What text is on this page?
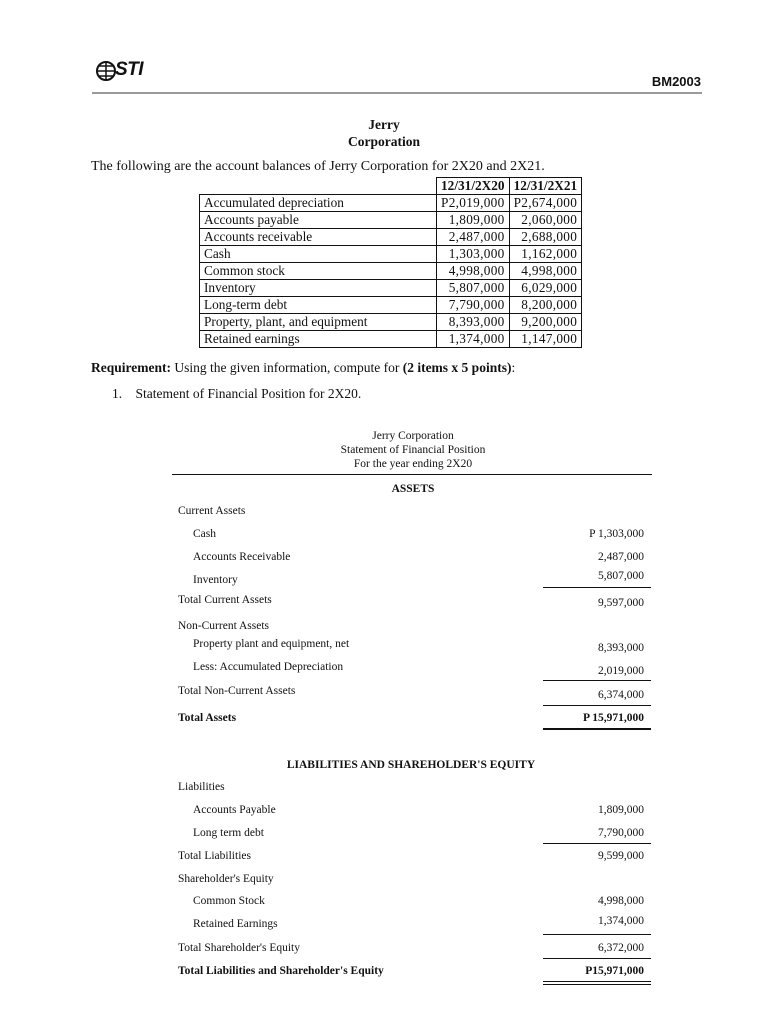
STI
BM2003
Jerry
Corporation
The following are the account balances of Jerry Corporation for 2X20 and 2X21.
	12/31/2X20	12/31/2X21
Accumulated depreciation	P2,019,000	P2,674,000
Accounts payable	1,809,000	2,060,000
Accounts receivable	2,487,000	2,688,000
Cash	1,303,000	1,162,000
Common stock	4,998,000	4,998,000
Inventory	5,807,000	6,029,000
Long-term debt	7,790,000	8,200,000
Property, plant, and equipment	8,393,000	9,200,000
Retained earnings	1,374,000	1,147,000
Requirement: Using the given information, compute for (2 items x 5 points):
1. Statement of Financial Position for 2X20.
Jerry Corporation
Statement of Financial Position
For the year ending 2X20
ASSETS
Current Assets
Cash	P 1,303,000
Accounts Receivable	2,487,000
Inventory	5,807,000
Total Current Assets	9,597,000
Non-Current Assets
Property plant and equipment, net	8,393,000
Less: Accumulated Depreciation	2,019,000
Total Non-Current Assets	6,374,000
Total Assets	P 15,971,000
LIABILITIES AND SHAREHOLDER'S EQUITY
Liabilities
Accounts Payable	1,809,000
Long term debt	7,790,000
Total Liabilities	9,599,000
Shareholder's Equity
Common Stock	4,998,000
Retained Earnings	1,374,000
Total Shareholder's Equity	6,372,000
Total Liabilities and Shareholder's Equity	P15,971,000
